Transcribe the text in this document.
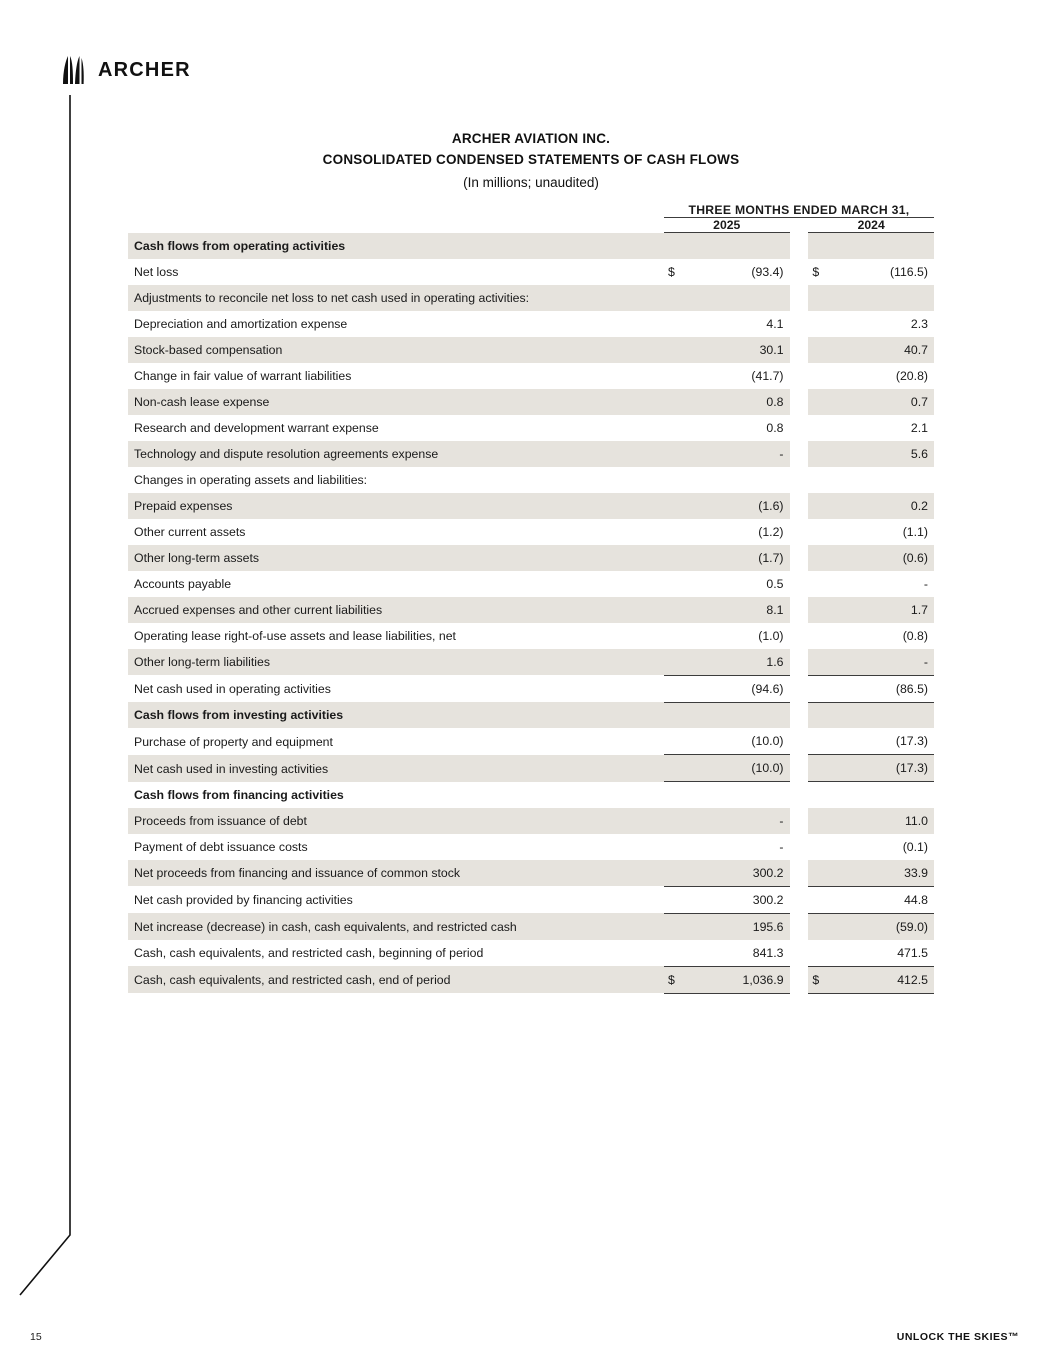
ARCHER
ARCHER AVIATION INC.
CONSOLIDATED CONDENSED STATEMENTS OF CASH FLOWS
(In millions; unaudited)
	THREE MONTHS ENDED MARCH 31,				
	2025			2024	
Cash flows from operating activities					
Net loss	$	(93.4)		$	(116.5)
Adjustments to reconcile net loss to net cash used in operating activities:					
Depreciation and amortization expense		4.1			2.3
Stock-based compensation		30.1			40.7
Change in fair value of warrant liabilities		(41.7)			(20.8)
Non-cash lease expense		0.8			0.7
Research and development warrant expense		0.8			2.1
Technology and dispute resolution agreements expense		-			5.6
Changes in operating assets and liabilities:					
Prepaid expenses		(1.6)			0.2
Other current assets		(1.2)			(1.1)
Other long-term assets		(1.7)			(0.6)
Accounts payable		0.5			-
Accrued expenses and other current liabilities		8.1			1.7
Operating lease right-of-use assets and lease liabilities, net		(1.0)			(0.8)
Other long-term liabilities		1.6			-
Net cash used in operating activities		(94.6)			(86.5)
Cash flows from investing activities					
Purchase of property and equipment		(10.0)			(17.3)
Net cash used in investing activities		(10.0)			(17.3)
Cash flows from financing activities					
Proceeds from issuance of debt		-			11.0
Payment of debt issuance costs		-			(0.1)
Net proceeds from financing and issuance of common stock		300.2			33.9
Net cash provided by financing activities		300.2			44.8
Net increase (decrease) in cash, cash equivalents, and restricted cash		195.6			(59.0)
Cash, cash equivalents, and restricted cash, beginning of period		841.3			471.5
Cash, cash equivalents, and restricted cash, end of period	$	1,036.9		$	412.5
15	UNLOCK THE SKIES™
